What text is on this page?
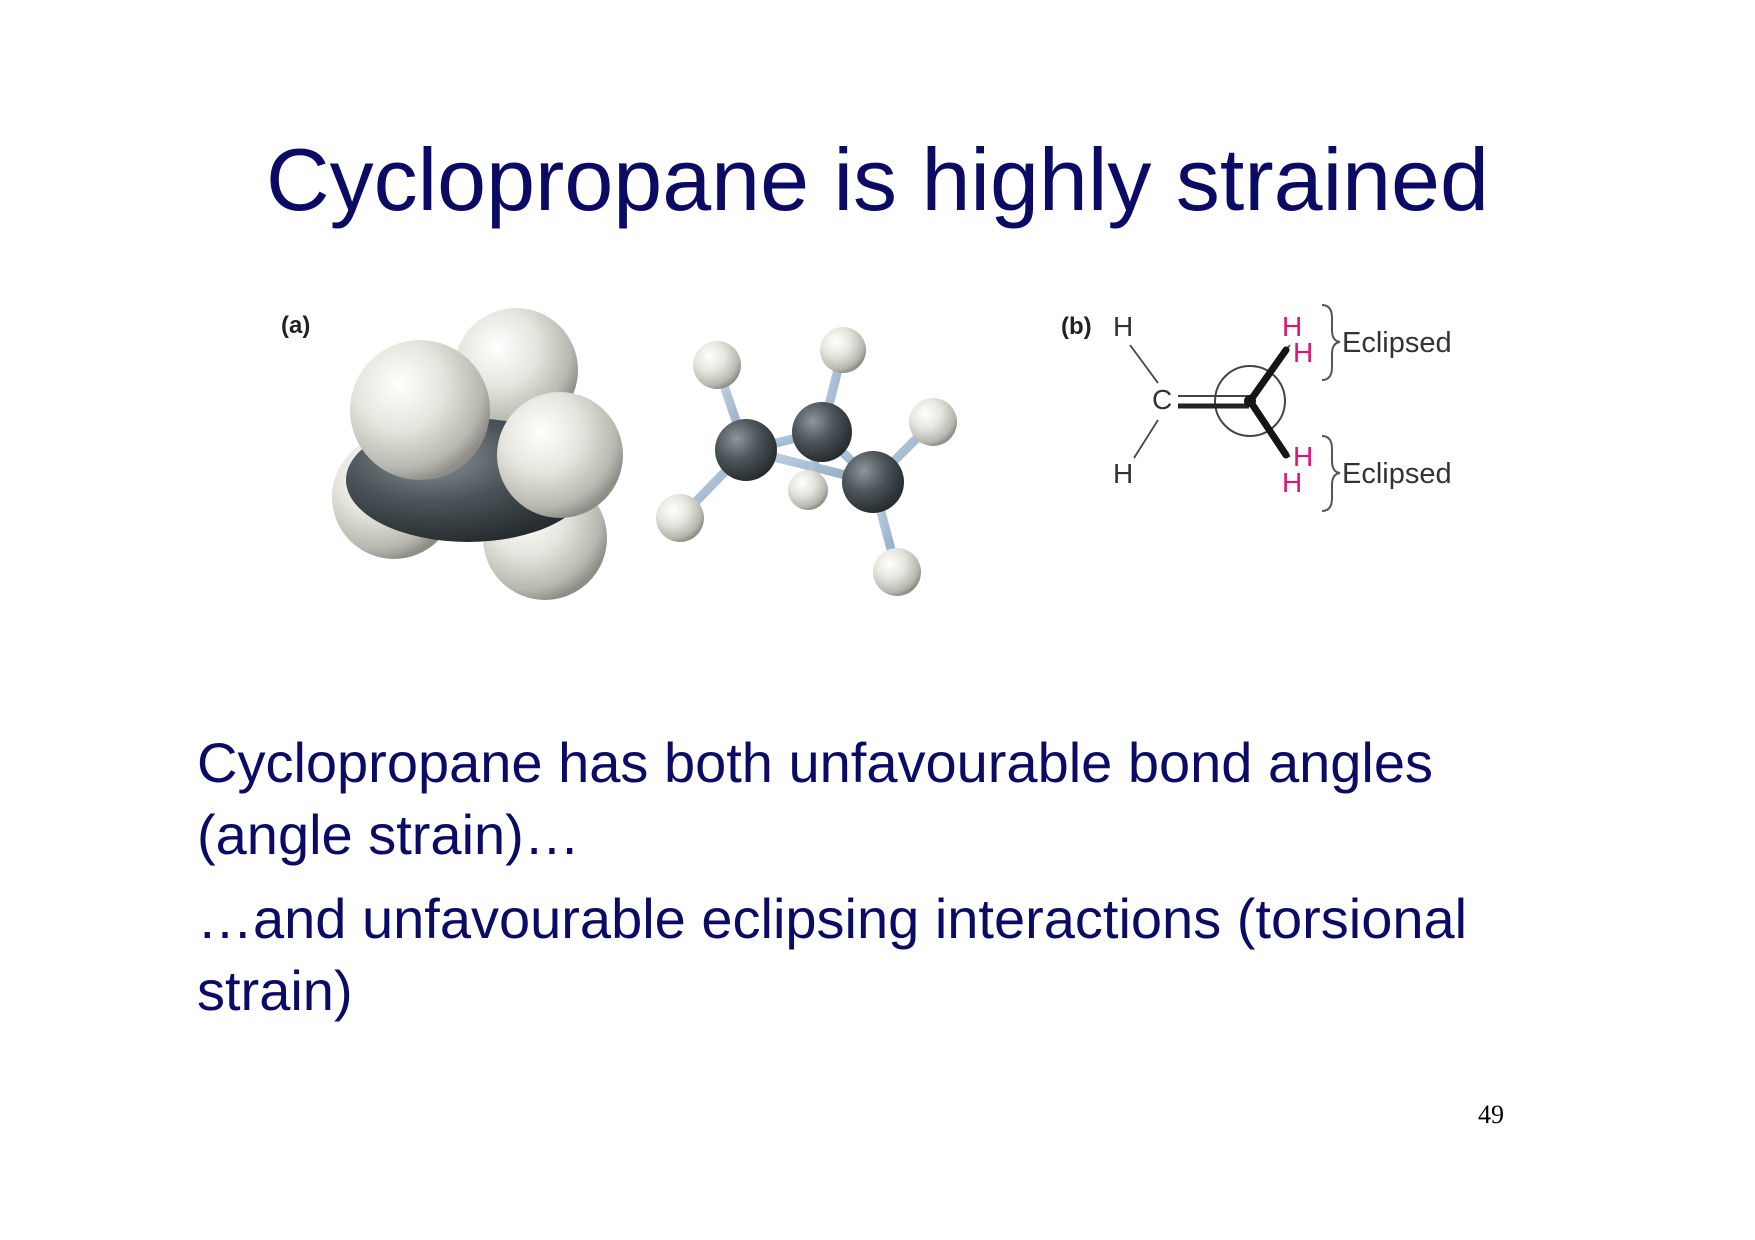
Cyclopropane is highly strained
(a)	(b) H
H
C
H
H
H
H
Eclipsed
Eclipsed

Cyclopropane has both unfavourable bond angles (angle strain)…

…and unfavourable eclipsing interactions (torsional strain)

49
